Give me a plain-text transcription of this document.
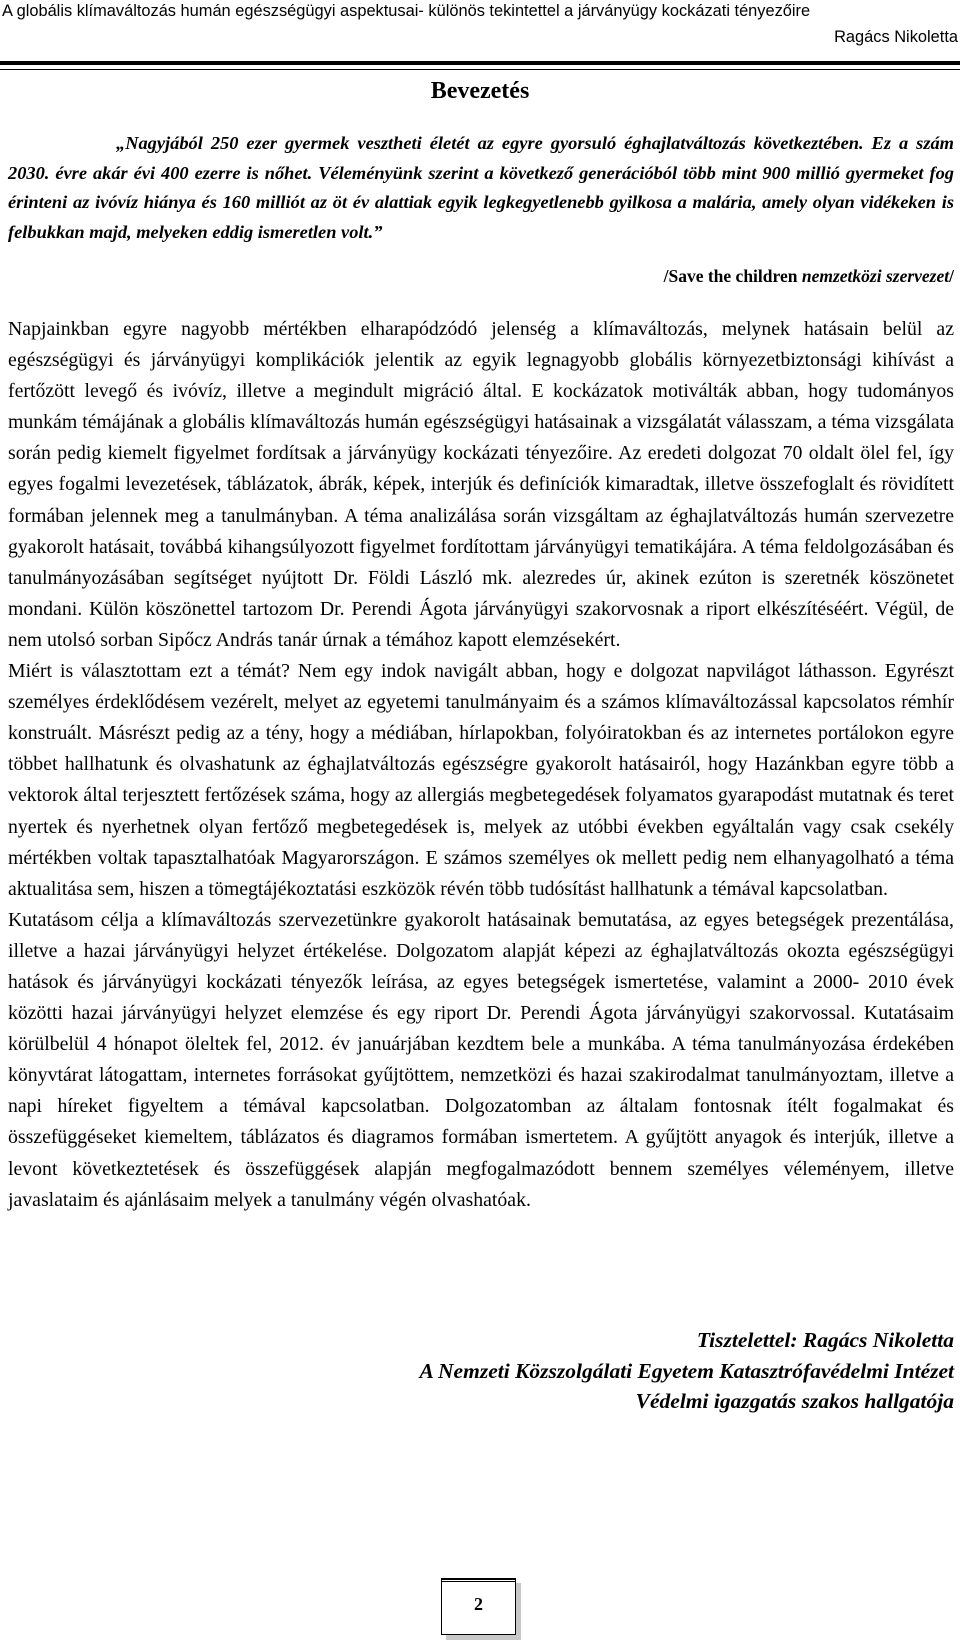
A globális klímaváltozás humán egészségügyi aspektusai- különös tekintettel a járványügy kockázati tényezőire
Ragács Nikoletta
Bevezetés
„Nagyjából 250 ezer gyermek veszthetі életét az egyre gyorsuló éghajlatváltozás következtében. Ez a szám 2030. évre akár évi 400 ezerre is nőhet. Véleményünk szerint a következő generációból több mint 900 millió gyermeket fog érinteni az ivóvíz hiánya és 160 milliót az öt év alattiak egyik legkegyetlenebb gyilkosa a malária, amely olyan vidékeken is felbukkan majd, melyeken eddig ismeretlen volt.”
/Save the children nemzetközi szervezet/

Napjainkban egyre nagyobb mértékben elharapódzódó jelenség a klímaváltozás, melynek hatásain belül az egészségügyi és járványügyi komplikációk jelentik az egyik legnagyobb globális környezetbiztonsági kihívást a fertőzött levegő és ivóvíz, illetve a megindult migráció által. E kockázatok motiválták abban, hogy tudományos munkám témájának a globális klímaváltozás humán egészségügyi hatásainak a vizsgálatát válasszam, a téma vizsgálata során pedig kiemelt figyelmet fordítsak a járványügy kockázati tényezőire. Az eredeti dolgozat 70 oldalt ölel fel, így egyes fogalmi levezetések, táblázatok, ábrák, képek, interjúk és definíciók kimaradtak, illetve összefoglalt és rövidített formában jelennek meg a tanulmányban. A téma analizálása során vizsgáltam az éghajlatváltozás humán szervezetre gyakorolt hatásait, továbbá kihangsúlyozott figyelmet fordítottam járványügyi tematikájára. A téma feldolgozásában és tanulmányozásában segítséget nyújtott Dr. Földi László mk. alezredes úr, akinek ezúton is szeretnék köszönetet mondani. Külön köszönettel tartozom Dr. Perendi Ágota járványügyi szakorvosnak a riport elkészítéséért. Végül, de nem utolsó sorban Sipőcz András tanár úrnak a témához kapott elemzésekért.

Miért is választottam ezt a témát? Nem egy indok navigált abban, hogy e dolgozat napvilágot láthasson. Egyrészt személyes érdeklődésem vezérelt, melyet az egyetemi tanulmányaim és a számos klímaváltozással kapcsolatos rémhír konstruált. Másrészt pedig az a tény, hogy a médiában, hírlapokban, folyóiratokban és az internetes portálokon egyre többet hallhatunk és olvashatunk az éghajlatváltozás egészségre gyakorolt hatásairól, hogy Hazánkban egyre több a vektorok által terjesztett fertőzések száma, hogy az allergiás megbetegedések folyamatos gyarapodást mutatnak és teret nyertek és nyerhetnek olyan fertőző megbetegedések is, melyek az utóbbi években egyáltalán vagy csak csekély mértékben voltak tapasztalhatóak Magyarországon. E számos személyes ok mellett pedig nem elhanyagolható a téma aktualitása sem, hiszen a tömegtájékoztatási eszközök révén több tudósítást hallhatunk a témával kapcsolatban.

Kutatásom célja a klímaváltozás szervezetünkre gyakorolt hatásainak bemutatása, az egyes betegségek prezentálása, illetve a hazai járványügyi helyzet értékelése. Dolgozatom alapját képezi az éghajlatváltozás okozta egészségügyi hatások és járványügyi kockázati tényezők leírása, az egyes betegségek ismertetése, valamint a 2000- 2010 évek közötti hazai járványügyi helyzet elemzése és egy riport Dr. Perendi Ágota járványügyi szakorvossal. Kutatásaim körülbelül 4 hónapot öleltek fel, 2012. év januárjában kezdtem bele a munkába. A téma tanulmányozása érdekében könyvtárat látogattam, internetes forrásokat gyűjtöttem, nemzetközi és hazai szakirodalmat tanulmányoztam, illetve a napi híreket figyeltem a témával kapcsolatban. Dolgozatomban az általam fontosnak ítélt fogalmakat és összefüggéseket kiemeltem, táblázatos és diagramos formában ismertetem. A gyűjtött anyagok és interjúk, illetve a levont következtetések és összefüggések alapján megfogalmazódott bennem személyes véleményem, illetve javaslataim és ajánlásaim melyek a tanulmány végén olvashatóak.

Tisztelettel: Ragács Nikoletta
A Nemzeti Közszolgálati Egyetem Katasztrófavédelmi Intézet
Védelmi igazgatás szakos hallgatója
2
